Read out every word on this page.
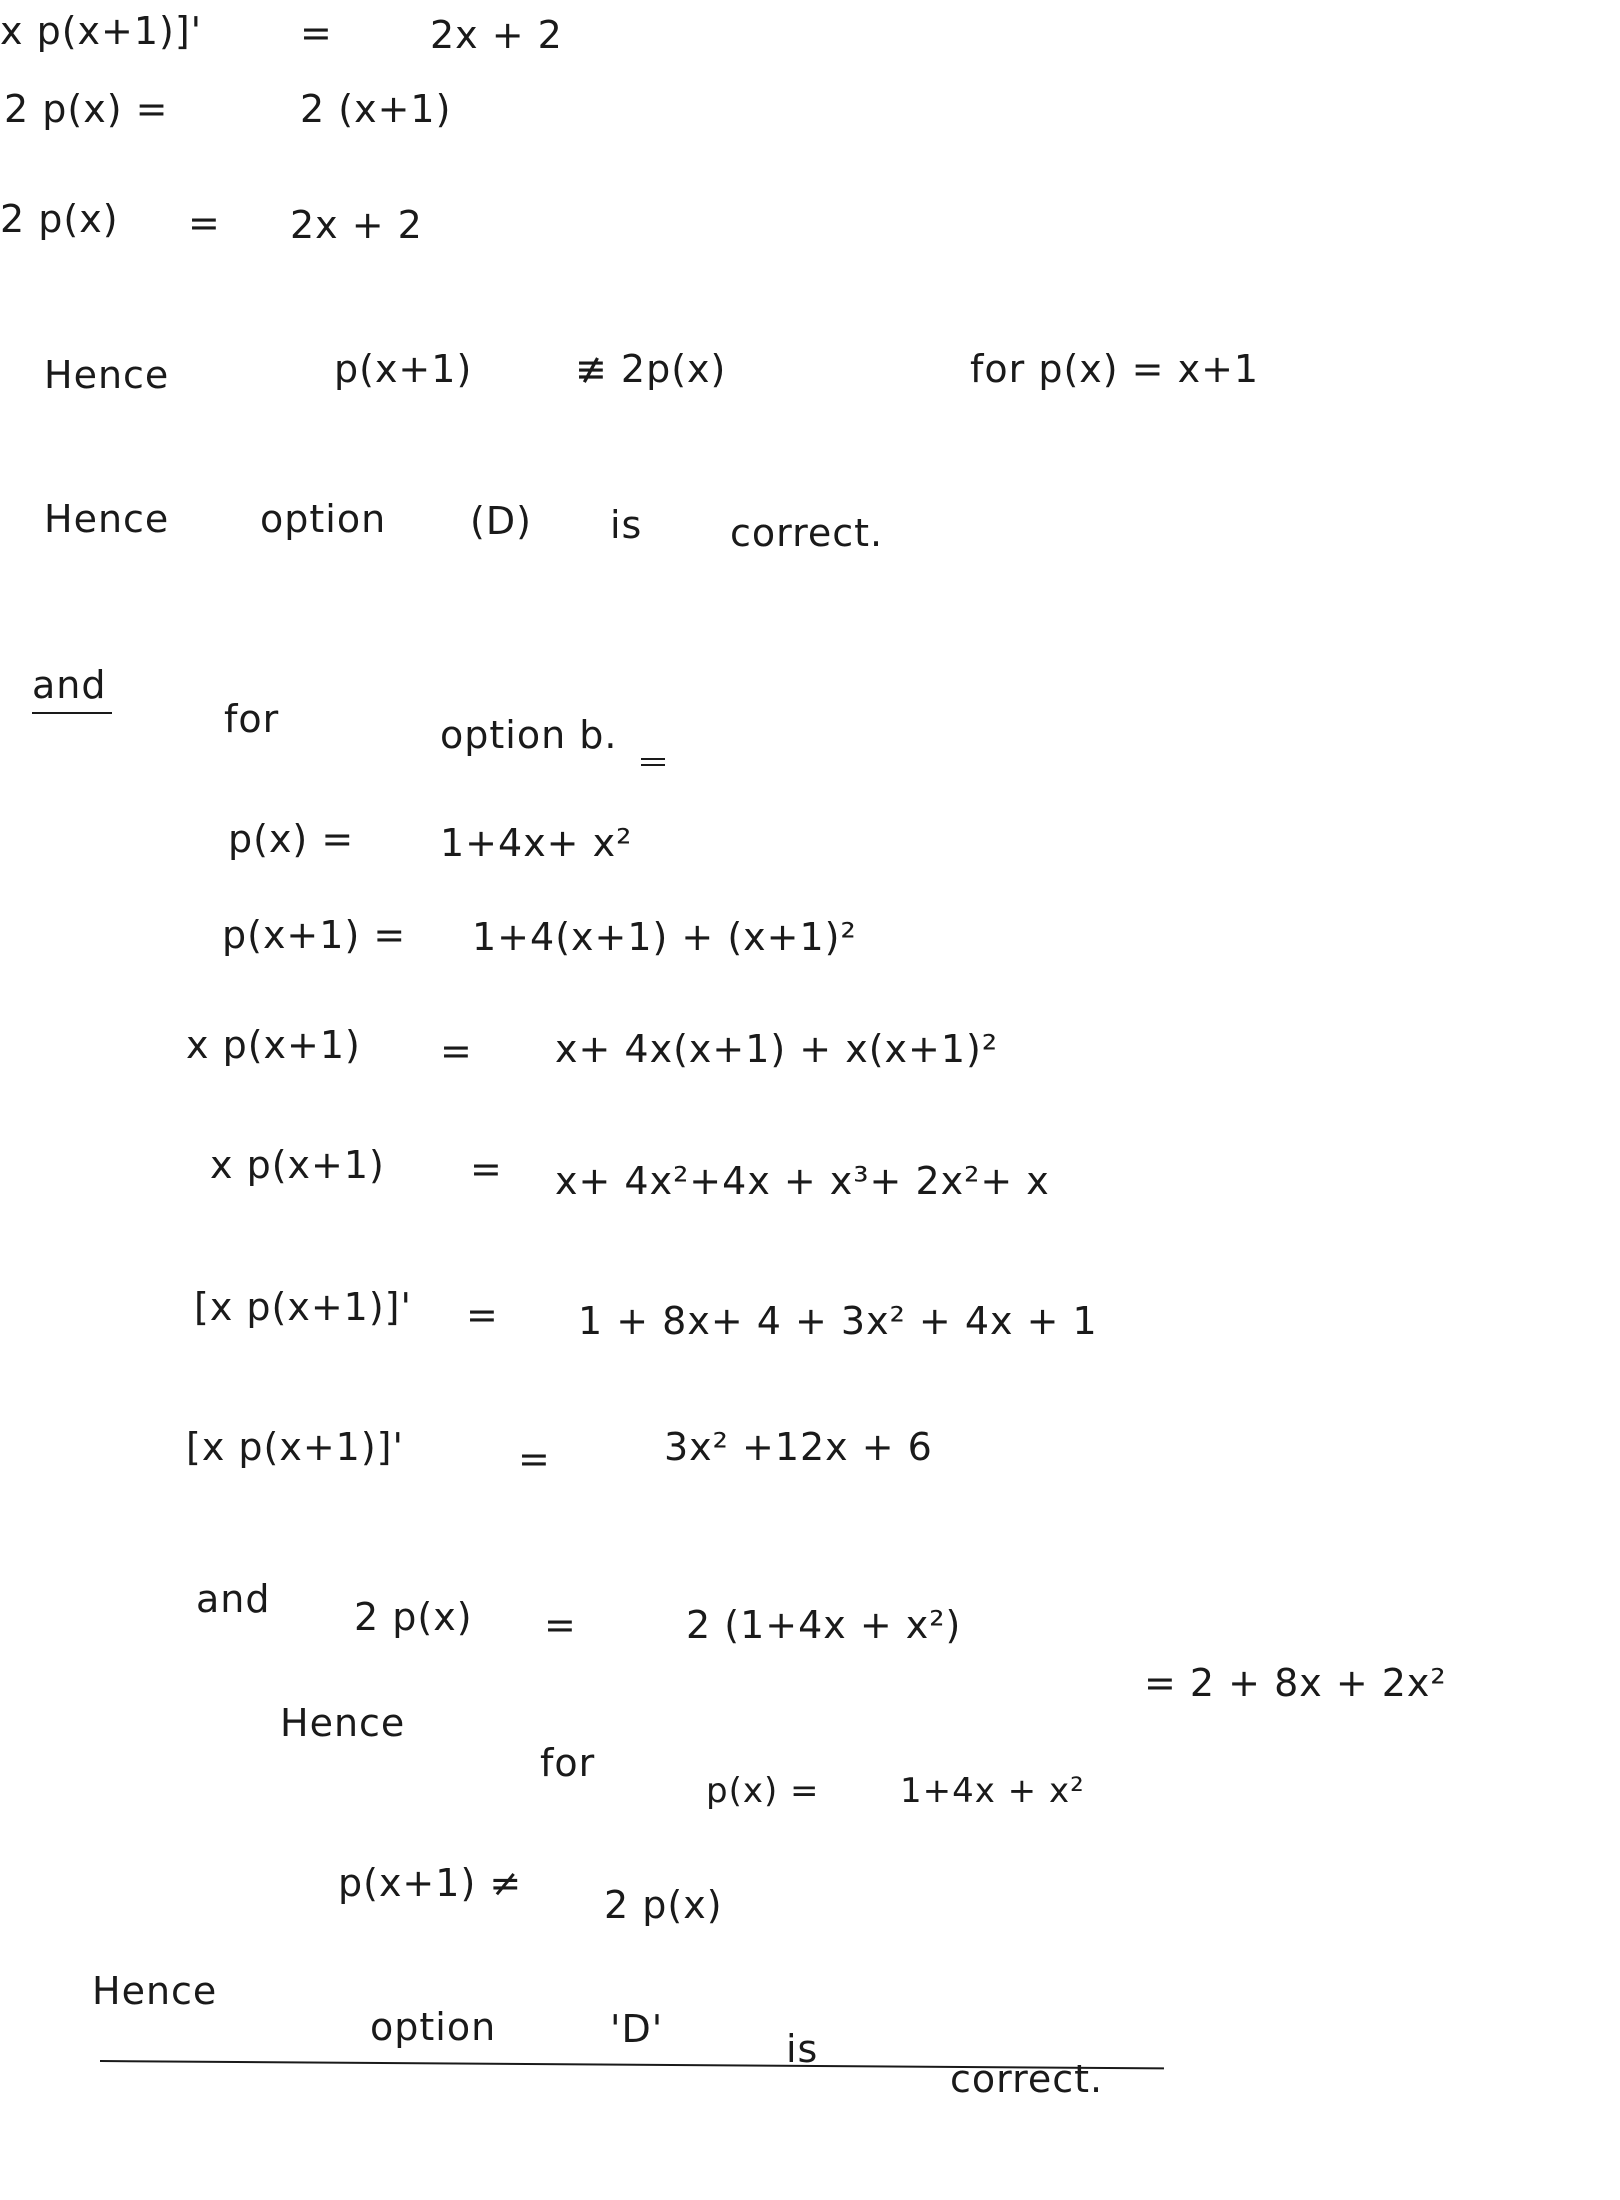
x p(x+1)]'	=	2x + 2
2 p(x) =	2 (x+1)
2 p(x) = 2x + 2
Hence	p(x+1)	≢ 2p(x)	for p(x) = x+1
Hence option (D) is correct.
and
for	option b.
p(x) = 1+4x+ x²
p(x+1) = 1+4(x+1) + (x+1)²
x p(x+1) = x+ 4x(x+1) + x(x+1)²
x p(x+1) = x+ 4x²+4x + x³+ 2x²+ x
[x p(x+1)]' = 1 + 8x+ 4 + 3x² + 4x + 1
[x p(x+1)]'	=	3x² +12x + 6
and 2 p(x) =	2 (1+4x + x²)
= 2 + 8x + 2x²
Hence
for
p(x) = 1+4x + x²
p(x+1) ≠ 2 p(x)
Hence
option	'D'	is
correct.
